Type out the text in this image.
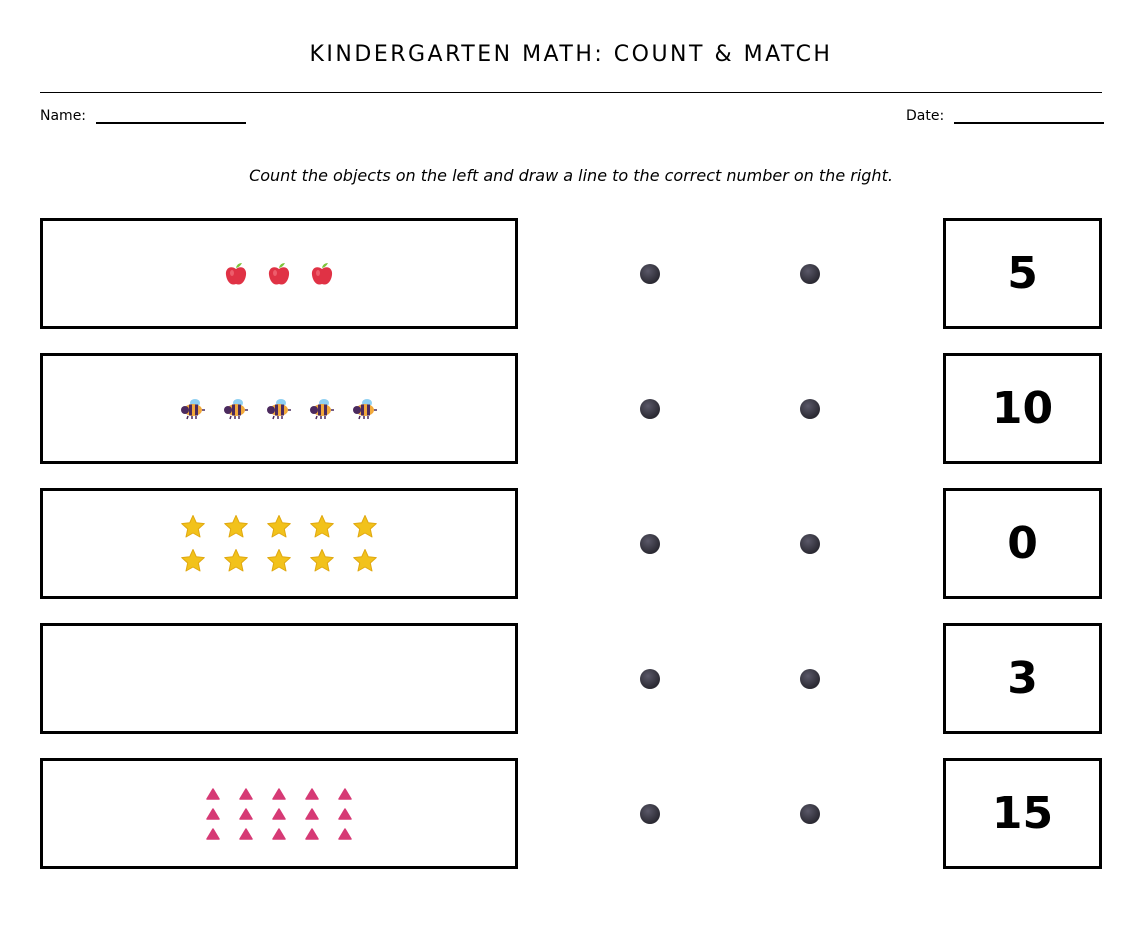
KINDERGARTEN MATH: COUNT & MATCH
Name:	Date:
Count the objects on the left and draw a line to the correct number on the right.
5
10
0
3
15
